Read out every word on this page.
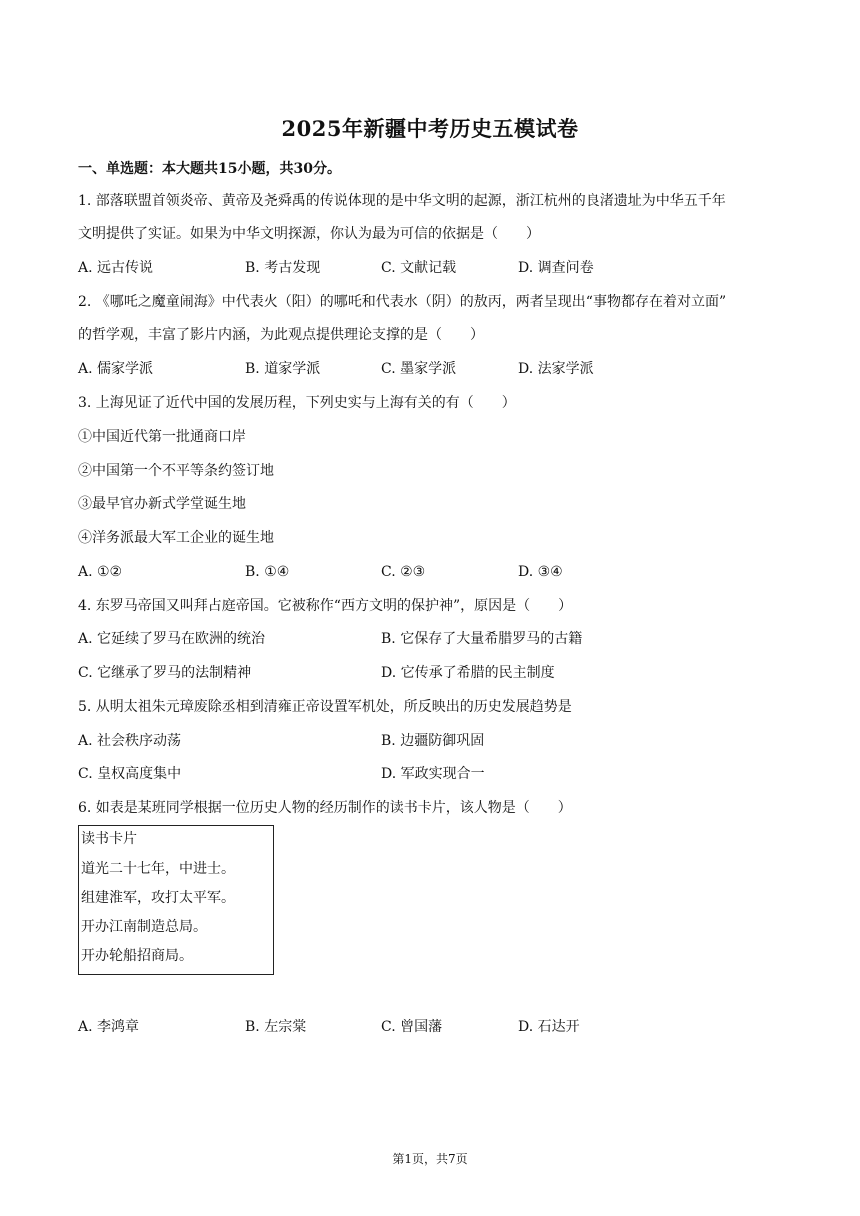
2025年新疆中考历史五模试卷
一、单选题：本大题共15小题，共30分。
1. 部落联盟首领炎帝、黄帝及尧舜禹的传说体现的是中华文明的起源，浙江杭州的良渚遗址为中华五千年
文明提供了实证。如果为中华文明探源，你认为最为可信的依据是（　　）
A. 远古传说	B. 考古发现	C. 文献记载	D. 调查问卷
2. 《哪吒之魔童闹海》中代表火（阳）的哪吒和代表水（阴）的敖丙，两者呈现出“事物都存在着对立面”
的哲学观，丰富了影片内涵，为此观点提供理论支撑的是（　　）
A. 儒家学派	B. 道家学派	C. 墨家学派	D. 法家学派
3. 上海见证了近代中国的发展历程，下列史实与上海有关的有（　　）
①中国近代第一批通商口岸
②中国第一个不平等条约签订地
③最早官办新式学堂诞生地
④洋务派最大军工企业的诞生地
A. ①②	B. ①④	C. ②③	D. ③④
4. 东罗马帝国又叫拜占庭帝国。它被称作“西方文明的保护神”，原因是（　　）
A. 它延续了罗马在欧洲的统治	B. 它保存了大量希腊罗马的古籍
C. 它继承了罗马的法制精神	D. 它传承了希腊的民主制度
5. 从明太祖朱元璋废除丞相到清雍正帝设置军机处，所反映出的历史发展趋势是
A. 社会秩序动荡	B. 边疆防御巩固
C. 皇权高度集中	D. 军政实现合一
6. 如表是某班同学根据一位历史人物的经历制作的读书卡片，该人物是（　　）
读书卡片
道光二十七年，中进士。
组建淮军，攻打太平军。
开办江南制造总局。
开办轮船招商局。
A. 李鸿章	B. 左宗棠	C. 曾国藩	D. 石达开
第1页，共7页
